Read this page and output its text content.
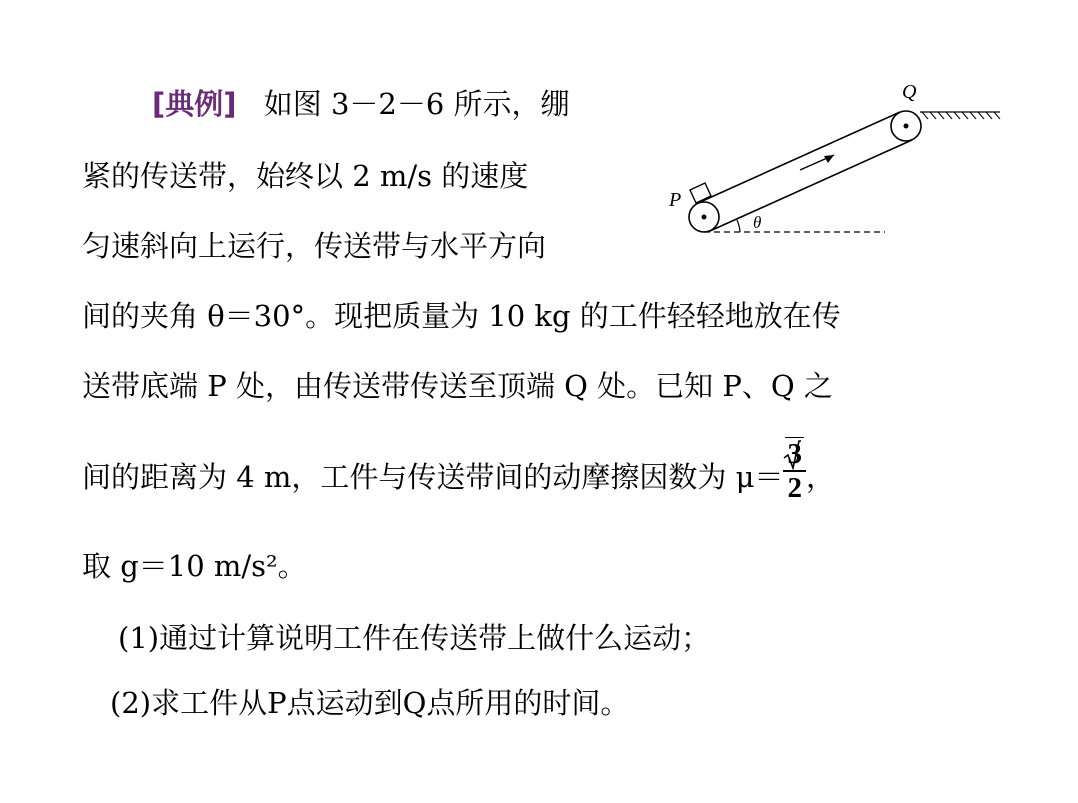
[典例] 如图 3－2－6 所示，绷
紧的传送带，始终以 2 m/s 的速度
匀速斜向上运行，传送带与水平方向
间的夹角 θ＝30°。现把质量为 10 kg 的工件轻轻地放在传
送带底端 P 处，由传送带传送至顶端 Q 处。已知 P、Q 之
间的距离为 4 m，工件与传送带间的动摩擦因数为 $\mu= \frac{3}{2}$ ，
取 g＝10 m/s²。
(1)通过计算说明工件在传送带上做什么运动；
(2)求工件从P点运动到Q点所用的时间。
P
Q
θ
